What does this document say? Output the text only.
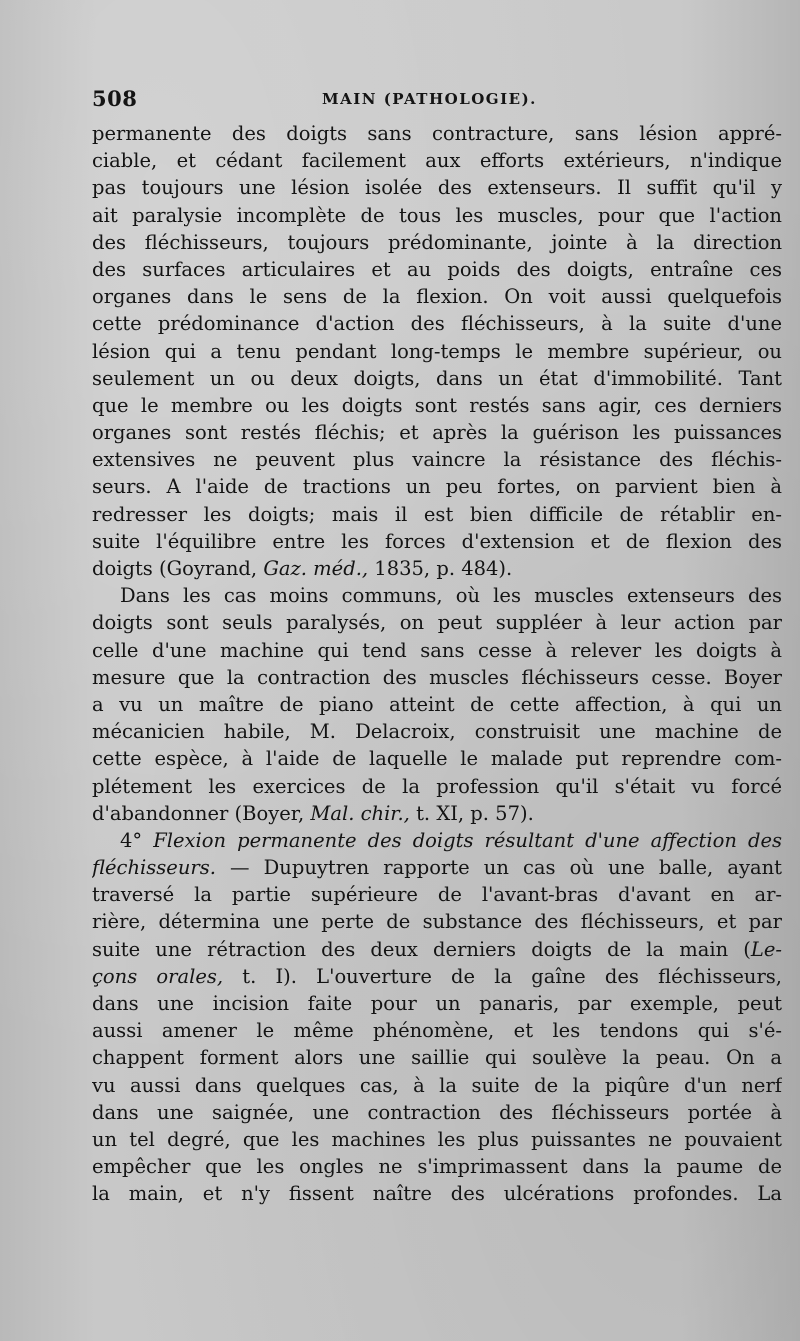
508	MAIN (PATHOLOGIE).
permanente des doigts sans contracture, sans lésion appré-
ciable, et cédant facilement aux efforts extérieurs, n'indique
pas toujours une lésion isolée des extenseurs. Il suffit qu'il y
ait paralysie incomplète de tous les muscles, pour que l'action
des fléchisseurs, toujours prédominante, jointe à la direction
des surfaces articulaires et au poids des doigts, entraîne ces
organes dans le sens de la flexion. On voit aussi quelquefois
cette prédominance d'action des fléchisseurs, à la suite d'une
lésion qui a tenu pendant long-temps le membre supérieur, ou
seulement un ou deux doigts, dans un état d'immobilité. Tant
que le membre ou les doigts sont restés sans agir, ces derniers
organes sont restés fléchis; et après la guérison les puissances
extensives ne peuvent plus vaincre la résistance des fléchis-
seurs. A l'aide de tractions un peu fortes, on parvient bien à
redresser les doigts; mais il est bien difficile de rétablir en-
suite l'équilibre entre les forces d'extension et de flexion des
doigts (Goyrand, Gaz. méd., 1835, p. 484).
Dans les cas moins communs, où les muscles extenseurs des
doigts sont seuls paralysés, on peut suppléer à leur action par
celle d'une machine qui tend sans cesse à relever les doigts à
mesure que la contraction des muscles fléchisseurs cesse. Boyer
a vu un maître de piano atteint de cette affection, à qui un
mécanicien habile, M. Delacroix, construisit une machine de
cette espèce, à l'aide de laquelle le malade put reprendre com-
plétement les exercices de la profession qu'il s'était vu forcé
d'abandonner (Boyer, Mal. chir., t. XI, p. 57).
4° Flexion permanente des doigts résultant d'une affection des
fléchisseurs. — Dupuytren rapporte un cas où une balle, ayant
traversé la partie supérieure de l'avant-bras d'avant en ar-
rière, détermina une perte de substance des fléchisseurs, et par
suite une rétraction des deux derniers doigts de la main (Le-
çons orales, t. I). L'ouverture de la gaîne des fléchisseurs,
dans une incision faite pour un panaris, par exemple, peut
aussi amener le même phénomène, et les tendons qui s'é-
chappent forment alors une saillie qui soulève la peau. On a
vu aussi dans quelques cas, à la suite de la piqûre d'un nerf
dans une saignée, une contraction des fléchisseurs portée à
un tel degré, que les machines les plus puissantes ne pouvaient
empêcher que les ongles ne s'imprimassent dans la paume de
la main, et n'y fissent naître des ulcérations profondes. La
